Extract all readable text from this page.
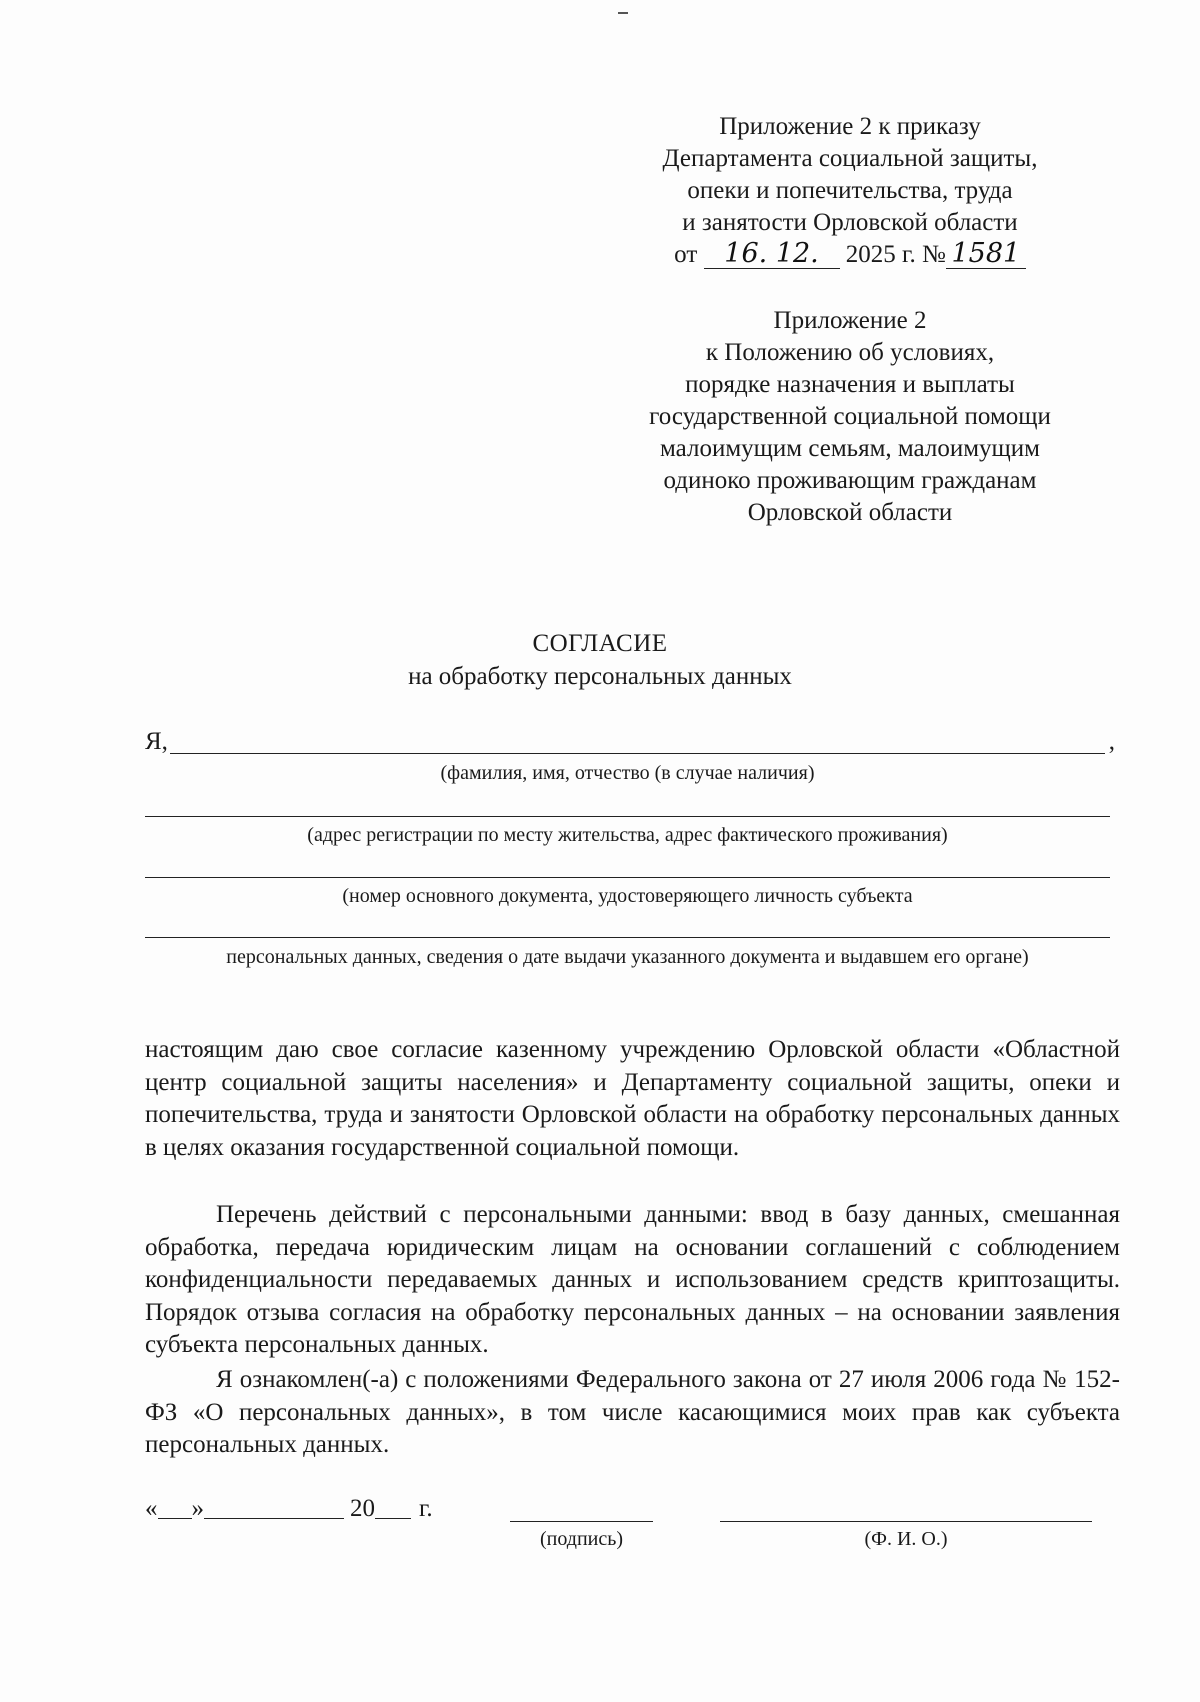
Приложение 2 к приказу
Департамента социальной защиты,
опеки и попечительства, труда
и занятости Орловской области
от 16. 12. 2025 г. № 1581
Приложение 2
к Положению об условиях,
порядке назначения и выплаты
государственной социальной помощи
малоимущим семьям, малоимущим
одиноко проживающим гражданам
Орловской области
СОГЛАСИЕ
на обработку персональных данных
Я,	,
(фамилия, имя, отчество (в случае наличия)
(адрес регистрации по месту жительства, адрес фактического проживания)
(номер основного документа, удостоверяющего личность субъекта
персональных данных, сведения о дате выдачи указанного документа и выдавшем его органе)
настоящим даю свое согласие казенному учреждению Орловской области «Областной центр социальной защиты населения» и Департаменту социальной защиты, опеки и попечительства, труда и занятости Орловской области на обработку персональных данных в целях оказания государственной социальной помощи.
Перечень действий с персональными данными: ввод в базу данных, смешанная обработка, передача юридическим лицам на основании соглашений с соблюдением конфиденциальности передаваемых данных и использованием средств криптозащиты. Порядок отзыва согласия на обработку персональных данных – на основании заявления субъекта персональных данных.
Я ознакомлен(-а) с положениями Федерального закона от 27 июля 2006 года № 152-ФЗ «О персональных данных», в том числе касающимися моих прав как субъекта персональных данных.
« »	20 г.
(подпись)	(Ф. И. О.)
